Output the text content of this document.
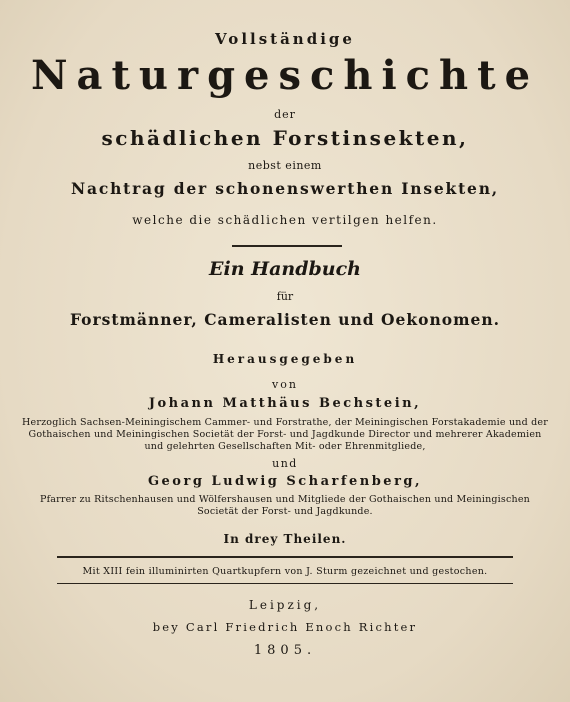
Vollständige
Naturgeschichte
der
schädlichen Forstinsekten,
nebst einem
Nachtrag der schonenswerthen Insekten,
welche die schädlichen vertilgen helfen.
Ein Handbuch
für
Forstmänner, Cameralisten und Oekonomen.
Herausgegeben
von
Johann Matthäus Bechstein,
Herzoglich Sachsen-Meiningischem Cammer- und Forstrathe, der Meiningischen Forstakademie und der
Gothaischen und Meiningischen Societät der Forst- und Jagdkunde Director und mehrerer Akademien
und gelehrten Gesellschaften Mit- oder Ehrenmitgliede,
und
Georg Ludwig Scharfenberg,
Pfarrer zu Ritschenhausen und Wölfershausen und Mitgliede der Gothaischen und Meiningischen
Societät der Forst- und Jagdkunde.
In drey Theilen.
Mit XIII fein illuminirten Quartkupfern von J. Sturm gezeichnet und gestochen.
Leipzig,
bey Carl Friedrich Enoch Richter
1805.
